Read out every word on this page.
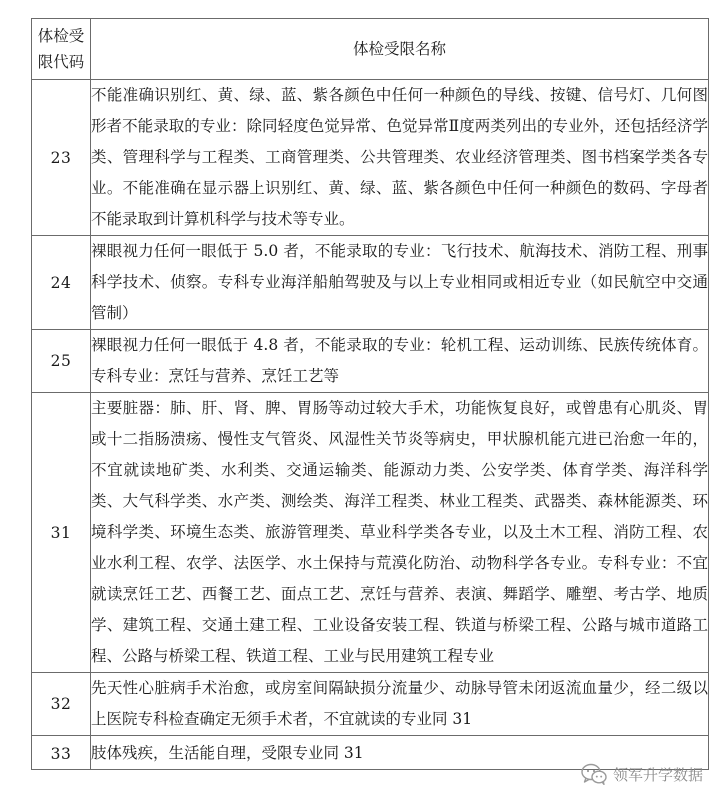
体检受限代码	体检受限名称
23	不能准确识别红、黄、绿、蓝、紫各颜色中任何一种颜色的导线、按键、信号灯、几何图形者不能录取的专业：除同轻度色觉异常、色觉异常Ⅱ度两类列出的专业外，还包括经济学类、管理科学与工程类、工商管理类、公共管理类、农业经济管理类、图书档案学类各专业。不能准确在显示器上识别红、黄、绿、蓝、紫各颜色中任何一种颜色的数码、字母者不能录取到计算机科学与技术等专业。
24	裸眼视力任何一眼低于 5.0 者，不能录取的专业：飞行技术、航海技术、消防工程、刑事科学技术、侦察。专科专业海洋船舶驾驶及与以上专业相同或相近专业（如民航空中交通管制）
25	裸眼视力任何一眼低于 4.8 者，不能录取的专业：轮机工程、运动训练、民族传统体育。专科专业：烹饪与营养、烹饪工艺等
31	主要脏器：肺、肝、肾、脾、胃肠等动过较大手术，功能恢复良好，或曾患有心肌炎、胃或十二指肠溃疡、慢性支气管炎、风湿性关节炎等病史，甲状腺机能亢进已治愈一年的，不宜就读地矿类、水利类、交通运输类、能源动力类、公安学类、体育学类、海洋科学类、大气科学类、水产类、测绘类、海洋工程类、林业工程类、武器类、森林能源类、环境科学类、环境生态类、旅游管理类、草业科学类各专业，以及土木工程、消防工程、农业水利工程、农学、法医学、水土保持与荒漠化防治、动物科学各专业。专科专业：不宜就读烹饪工艺、西餐工艺、面点工艺、烹饪与营养、表演、舞蹈学、雕塑、考古学、地质学、建筑工程、交通土建工程、工业设备安装工程、铁道与桥梁工程、公路与城市道路工程、公路与桥梁工程、铁道工程、工业与民用建筑工程专业
32	先天性心脏病手术治愈，或房室间隔缺损分流量少、动脉导管未闭返流血量少，经二级以上医院专科检查确定无须手术者，不宜就读的专业同 31
33	肢体残疾，生活能自理，受限专业同 31
领军升学数据
